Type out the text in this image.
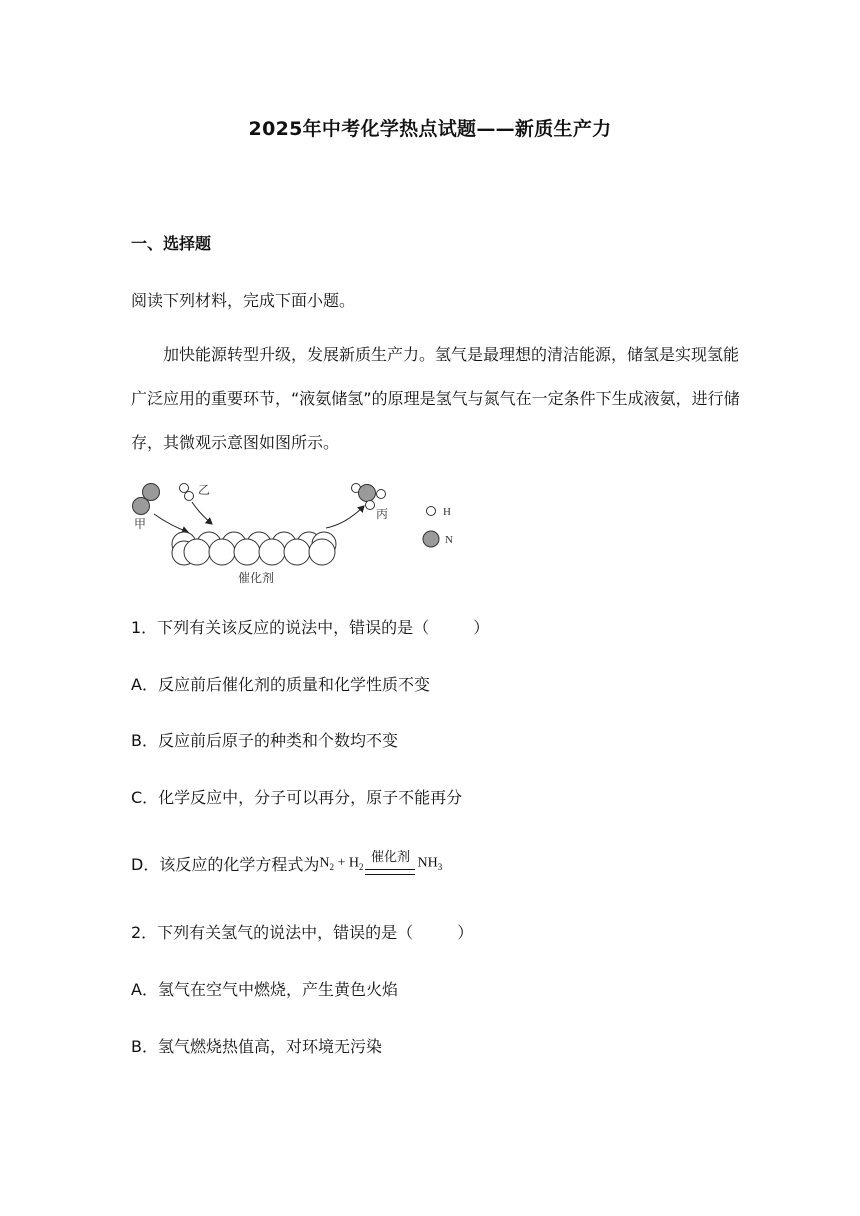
2025年中考化学热点试题——新质生产力
一、选择题
阅读下列材料，完成下面小题。
加快能源转型升级，发展新质生产力。氢气是最理想的清洁能源，储氢是实现氢能广泛应用的重要环节，“液氨储氢”的原理是氢气与氮气在一定条件下生成液氨，进行储存，其微观示意图如图所示。
甲
乙
催化剂
丙	H
N
1．下列有关该反应的说法中，错误的是（	）
A．反应前后催化剂的质量和化学性质不变
B．反应前后原子的种类和个数均不变
C．化学反应中，分子可以再分，原子不能再分
D．该反应的化学方程式为$N_2 + H_2$
催化剂 $NH_3$
2．下列有关氢气的说法中，错误的是（	）
A．氢气在空气中燃烧，产生黄色火焰
B．氢气燃烧热值高，对环境无污染
